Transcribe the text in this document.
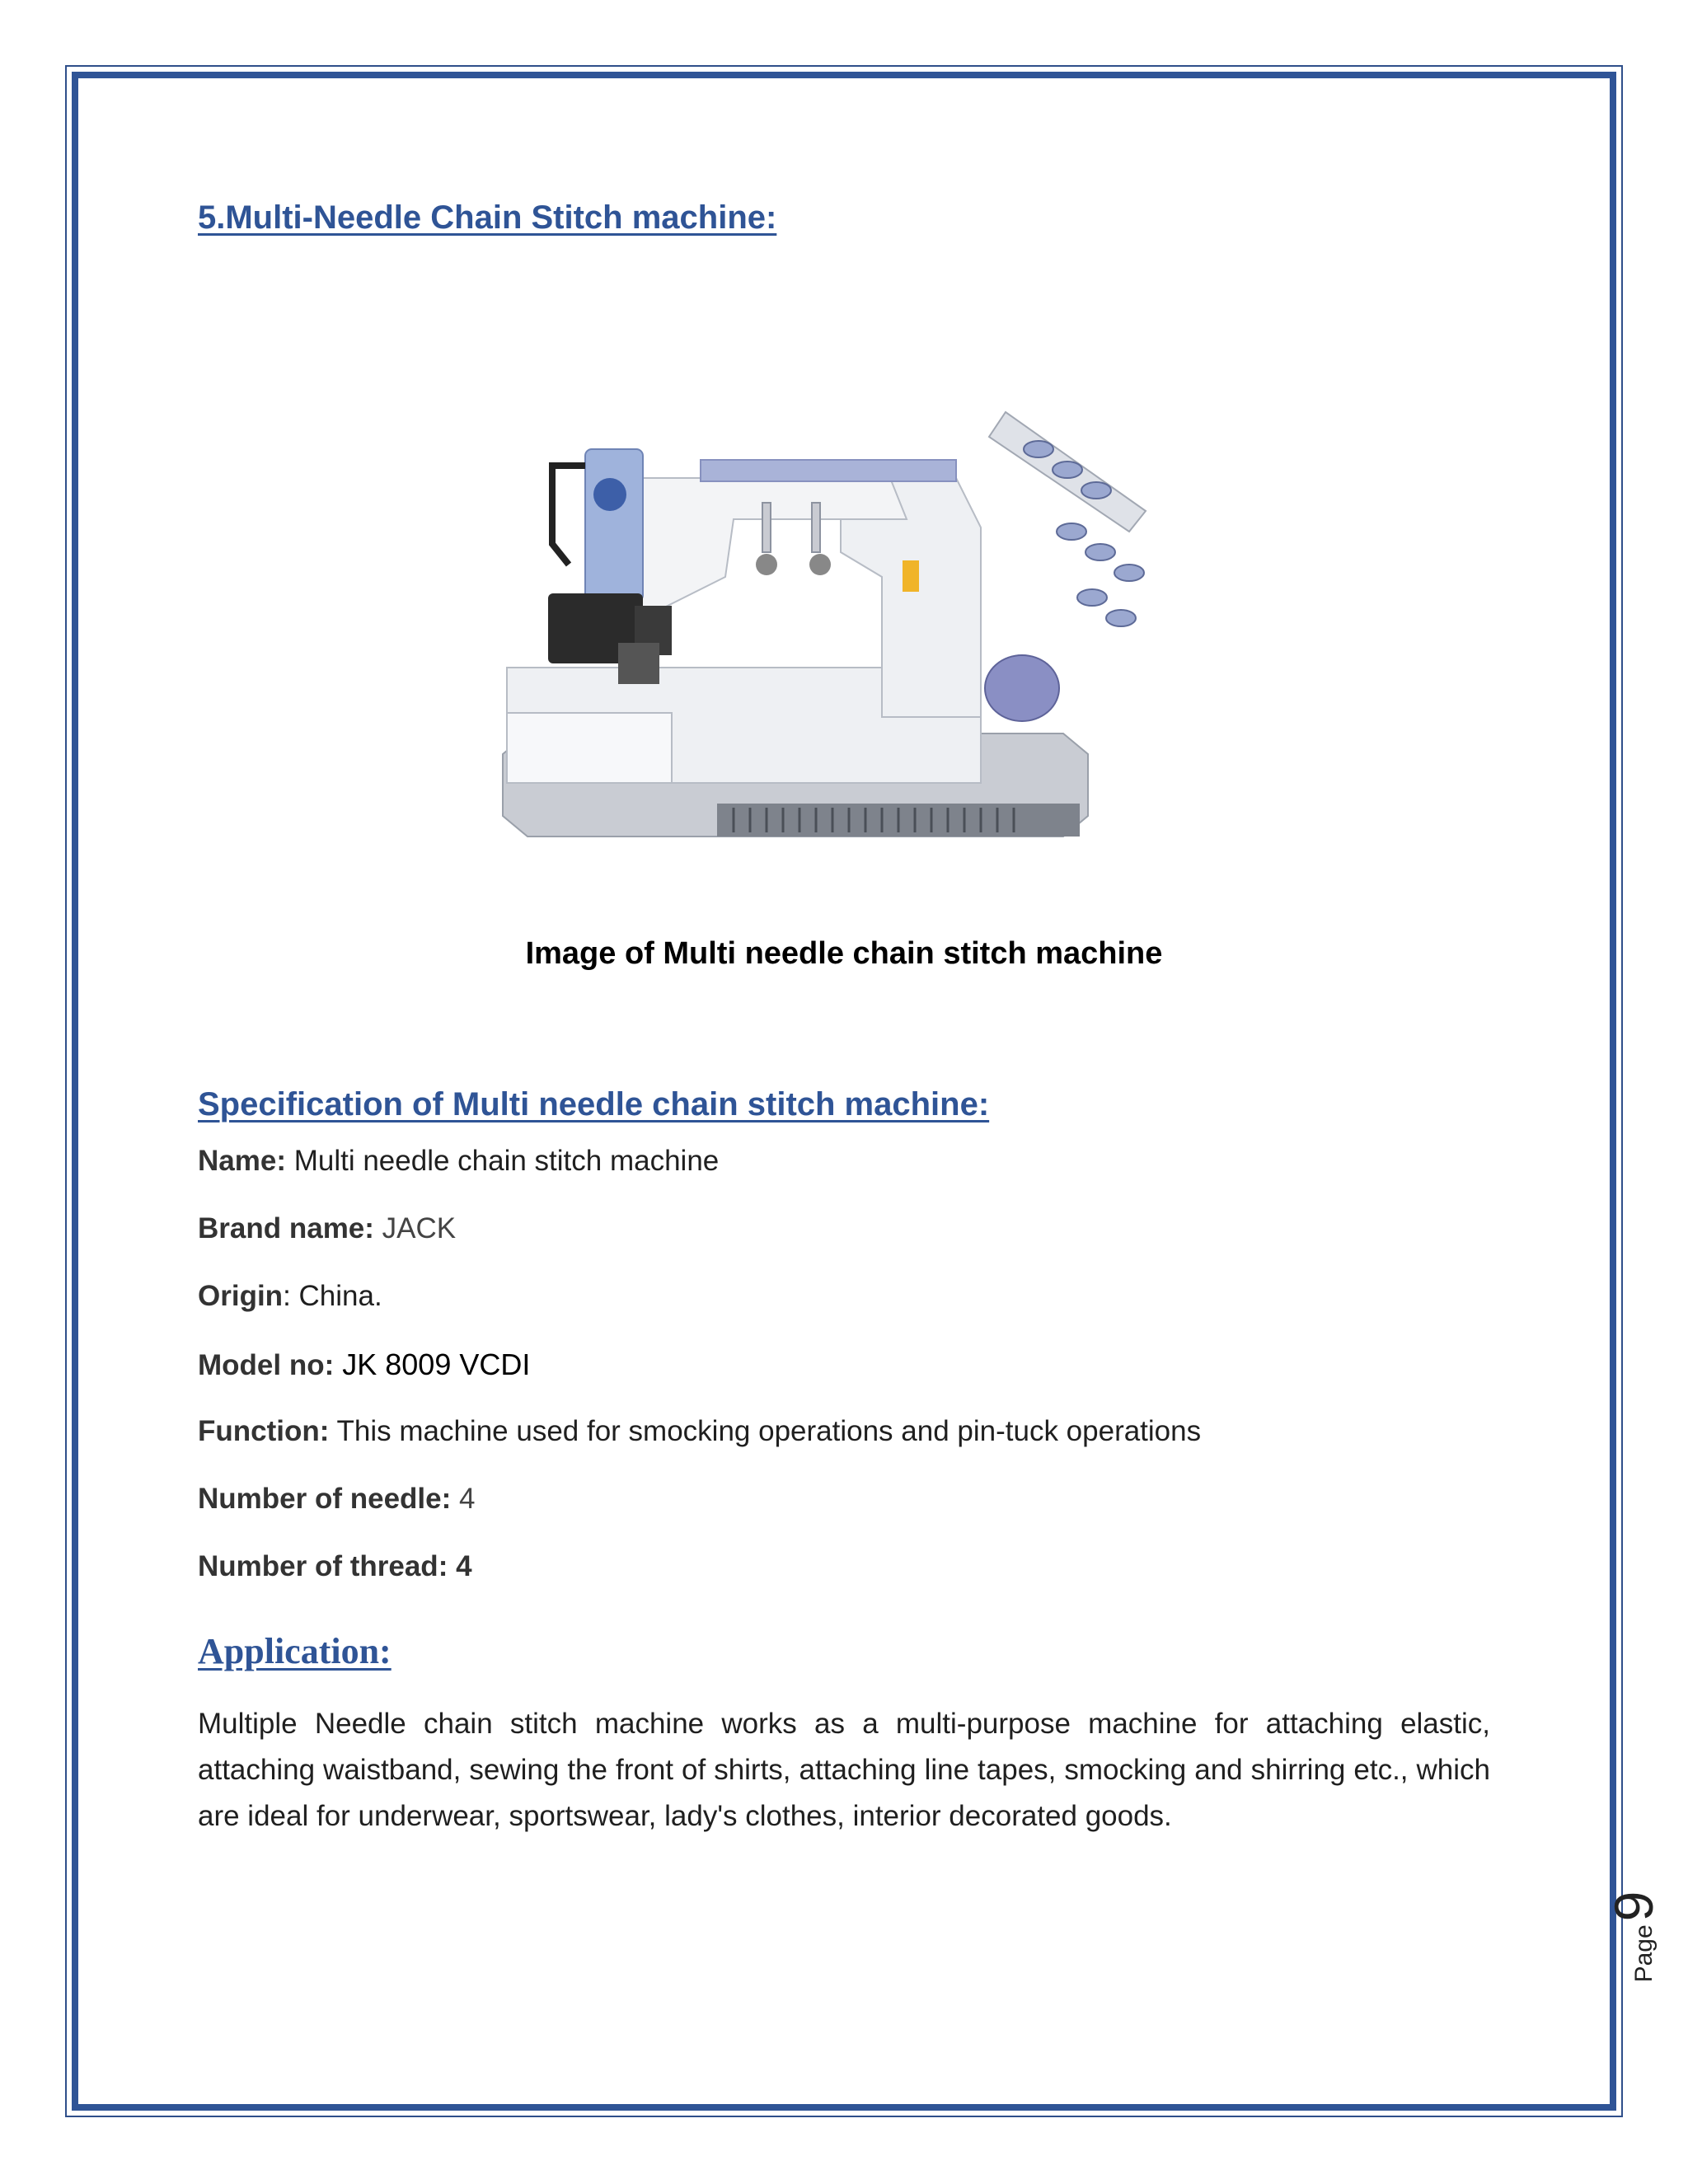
5.Multi-Needle Chain Stitch machine:
Image of Multi needle chain stitch machine
Specification of Multi needle chain stitch machine:
Name: Multi needle chain stitch machine
Brand name: JACK
Origin: China.
Model no: JK 8009 VCDI
Function: This machine used for smocking operations and pin-tuck operations
Number of needle: 4
Number of thread: 4
Application:
Multiple Needle chain stitch machine works as a multi-purpose machine for attaching elastic, attaching waistband, sewing the front of shirts, attaching line tapes, smocking and shirring etc., which are ideal for underwear, sportswear, lady's clothes, interior decorated goods.
Page
9
